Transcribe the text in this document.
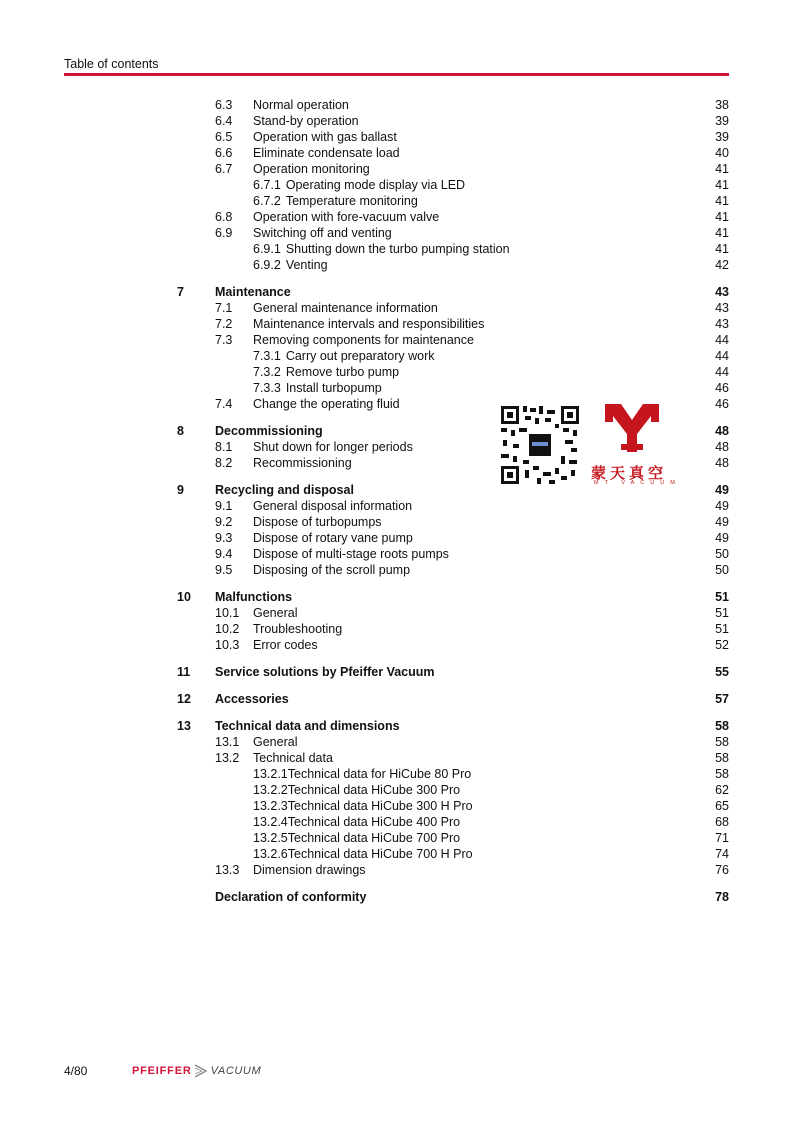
Table of contents
6.3 Normal operation	38
6.4 Stand-by operation	39
6.5 Operation with gas ballast	39
6.6 Eliminate condensate load	40
6.7 Operation monitoring	41
6.7.1 Operating mode display via LED	41
6.7.2 Temperature monitoring	41
6.8 Operation with fore-vacuum valve	41
6.9 Switching off and venting	41
6.9.1 Shutting down the turbo pumping station	41
6.9.2 Venting	42
7 Maintenance	43
7.1 General maintenance information	43
7.2 Maintenance intervals and responsibilities	43
7.3 Removing components for maintenance	44
7.3.1 Carry out preparatory work	44
7.3.2 Remove turbo pump	44
7.3.3 Install turbopump	46
7.4 Change the operating fluid	46
8 Decommissioning	48
8.1 Shut down for longer periods	48
8.2 Recommissioning	48
9 Recycling and disposal	49
9.1 General disposal information	49
9.2 Dispose of turbopumps	49
9.3 Dispose of rotary vane pump	49
9.4 Dispose of multi-stage roots pumps	50
9.5 Disposing of the scroll pump	50
10 Malfunctions	51
10.1 General	51
10.2 Troubleshooting	51
10.3 Error codes	52
11 Service solutions by Pfeiffer Vacuum	55
12 Accessories	57
13 Technical data and dimensions	58
13.1 General	58
13.2 Technical data	58
13.2.1Technical data for HiCube 80 Pro	58
13.2.2Technical data HiCube 300 Pro	62
13.2.3Technical data HiCube 300 H Pro	65
13.2.4Technical data HiCube 400 Pro	68
13.2.5Technical data HiCube 700 Pro	71
13.2.6Technical data HiCube 700 H Pro	74
13.3 Dimension drawings	76
Declaration of conformity	78
蒙天真空
MT VACUUM
4/80	PFEIFFER VACUUM
